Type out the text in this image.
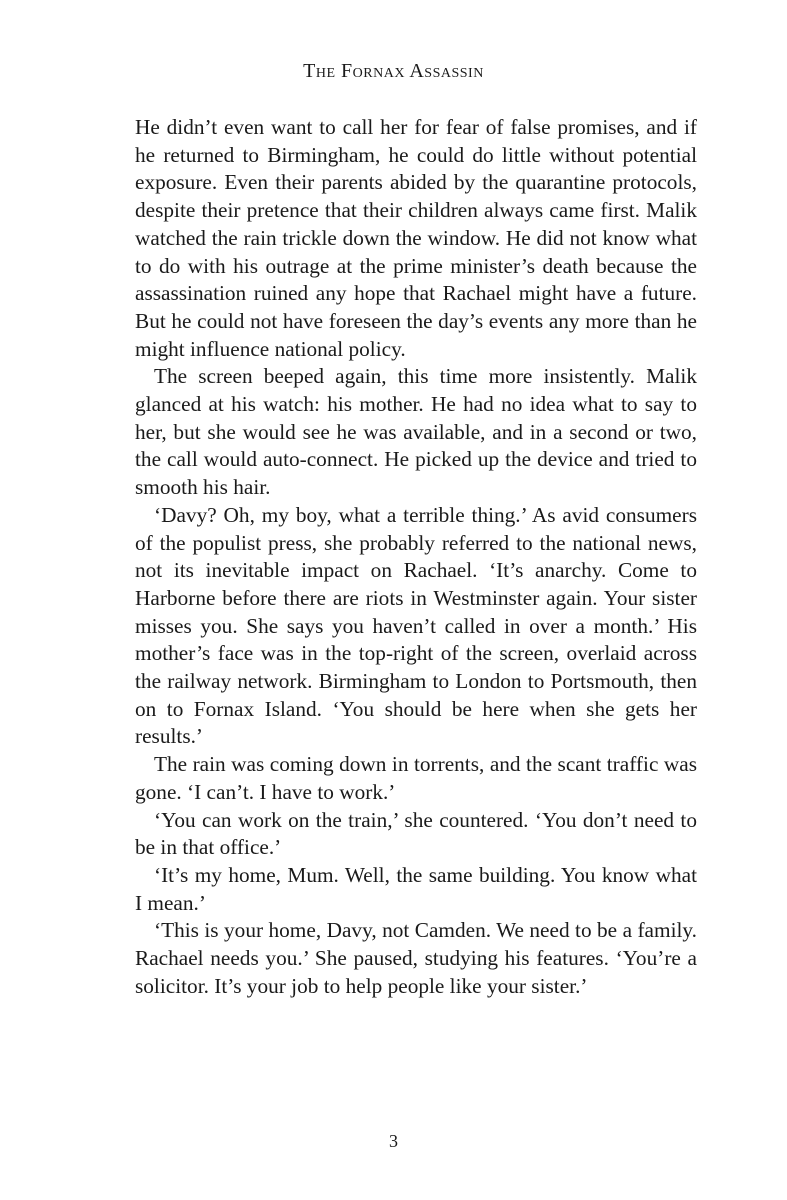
The Fornax Assassin

He didn’t even want to call her for fear of false promises, and if he returned to Birmingham, he could do little without potential exposure. Even their parents abided by the quarantine protocols, despite their pretence that their children always came first. Malik watched the rain trickle down the window. He did not know what to do with his outrage at the prime minister’s death because the assassination ruined any hope that Rachael might have a future. But he could not have foreseen the day’s events any more than he might influence national policy.

The screen beeped again, this time more insistently. Malik glanced at his watch: his mother. He had no idea what to say to her, but she would see he was available, and in a second or two, the call would auto-connect. He picked up the device and tried to smooth his hair.

‘Davy? Oh, my boy, what a terrible thing.’ As avid consumers of the populist press, she probably referred to the national news, not its inevitable impact on Rachael. ‘It’s anarchy. Come to Harborne before there are riots in Westminster again. Your sister misses you. She says you haven’t called in over a month.’ His mother’s face was in the top-right of the screen, overlaid across the railway network. Birmingham to London to Portsmouth, then on to Fornax Island. ‘You should be here when she gets her results.’

The rain was coming down in torrents, and the scant traffic was gone. ‘I can’t. I have to work.’

‘You can work on the train,’ she countered. ‘You don’t need to be in that office.’

‘It’s my home, Mum. Well, the same building. You know what I mean.’

‘This is your home, Davy, not Camden. We need to be a family. Rachael needs you.’ She paused, studying his features. ‘You’re a solicitor. It’s your job to help people like your sister.’

3
